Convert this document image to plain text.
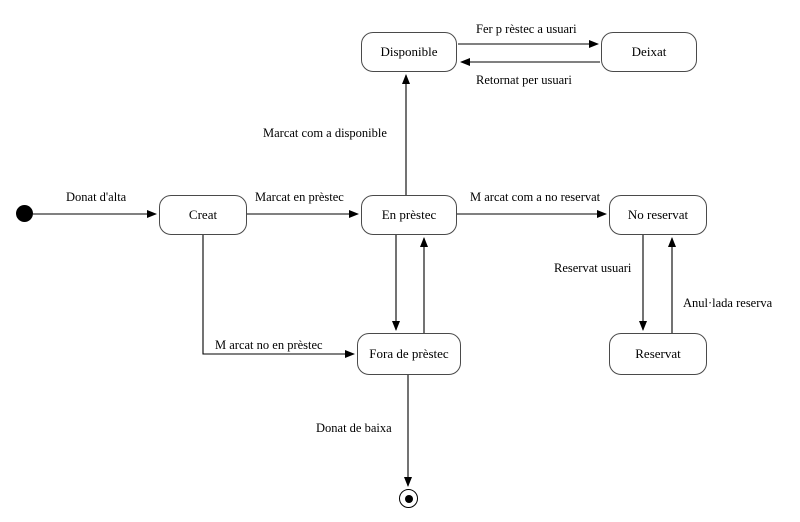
Creat	En prèstec
Disponible	Deixat
No reservat
Reservat
Fora de prèstec
Donat d'alta	Marcat en prèstec
Marcat com a disponible
Fer p rèstec a usuari
Retornat per usuari
M arcat com a no reservat
Reservat usuari
Anul·lada reserva
M arcat no en prèstec
Donat de baixa
